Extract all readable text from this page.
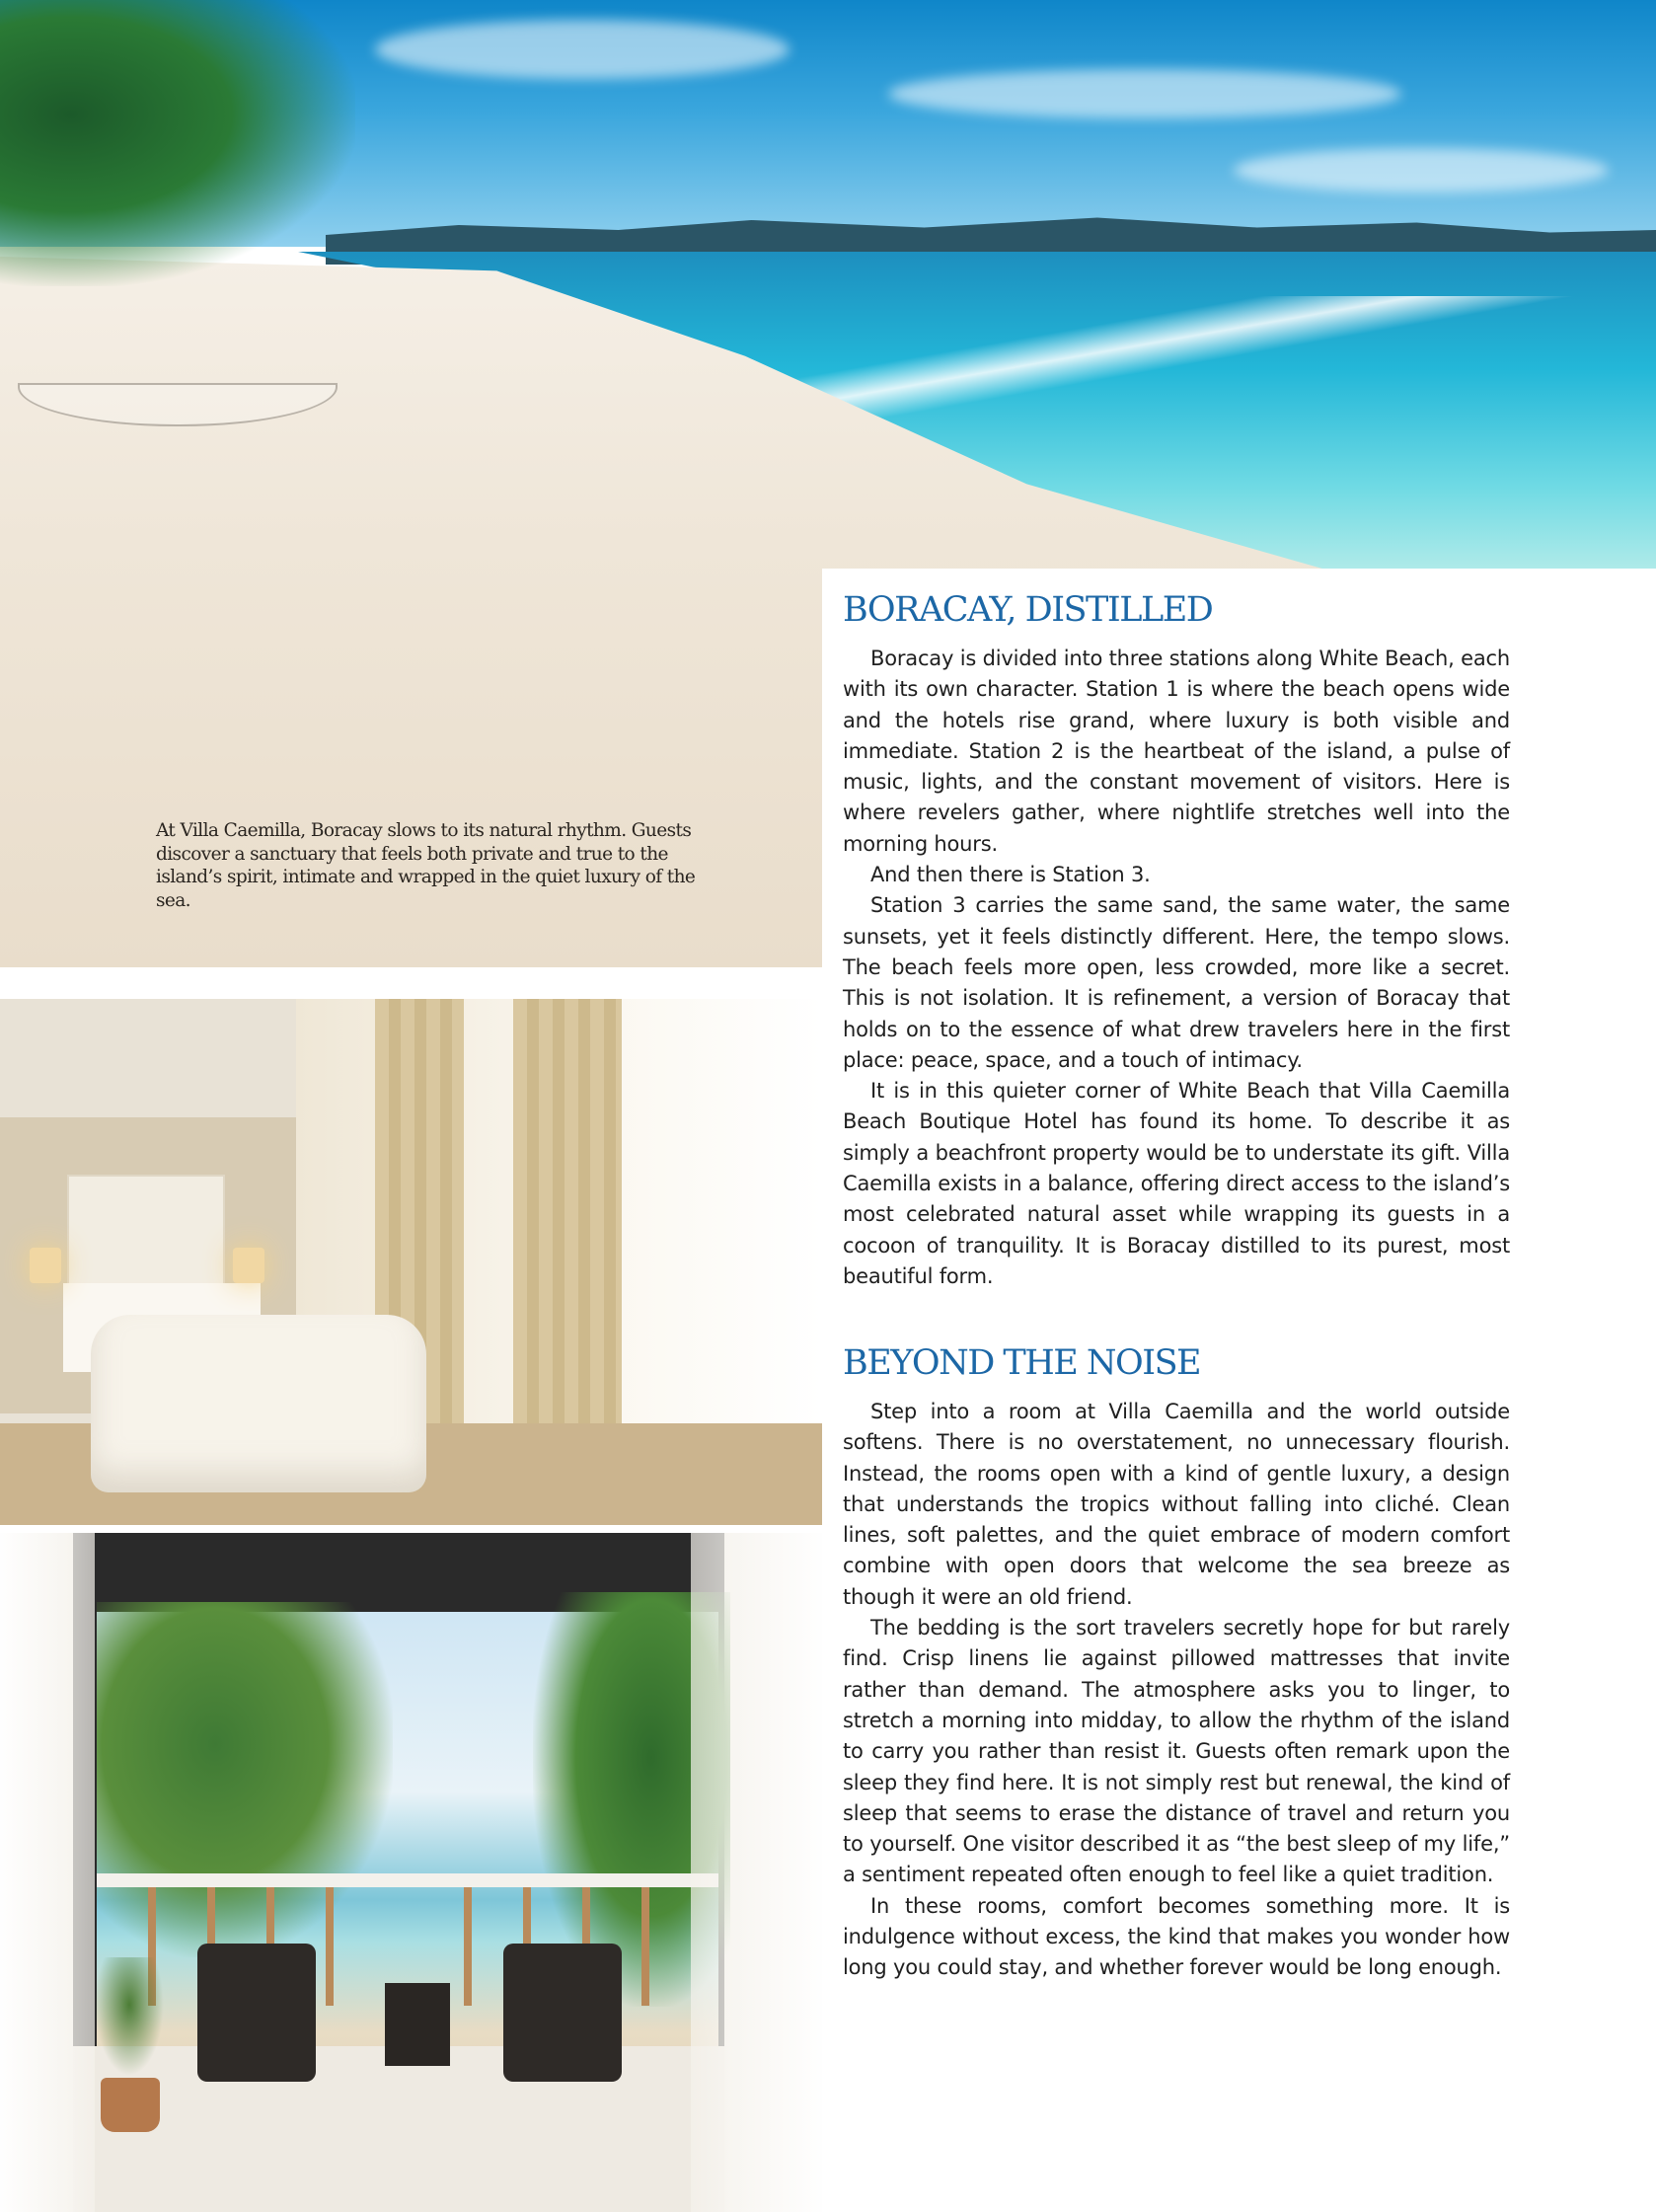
At Villa Caemilla, Boracay slows to its natural rhythm. Guests discover a sanctuary that feels both private and true to the island’s spirit, intimate and wrapped in the quiet luxury of the sea.

BORACAY, DISTILLED

Boracay is divided into three stations along White Beach, each with its own character. Station 1 is where the beach opens wide and the hotels rise grand, where luxury is both visible and immediate. Station 2 is the heartbeat of the island, a pulse of music, lights, and the constant movement of visitors. Here is where revelers gather, where nightlife stretches well into the morning hours.

And then there is Station 3.

Station 3 carries the same sand, the same water, the same sunsets, yet it feels distinctly different. Here, the tempo slows. The beach feels more open, less crowded, more like a secret. This is not isolation. It is refinement, a version of Boracay that holds on to the essence of what drew travelers here in the first place: peace, space, and a touch of intimacy.

It is in this quieter corner of White Beach that Villa Caemilla Beach Boutique Hotel has found its home. To describe it as simply a beachfront property would be to understate its gift. Villa Caemilla exists in a balance, offering direct access to the island’s most celebrated natural asset while wrapping its guests in a cocoon of tranquility. It is Boracay distilled to its purest, most beautiful form.

BEYOND THE NOISE

Step into a room at Villa Caemilla and the world outside softens. There is no overstatement, no unnecessary flourish. Instead, the rooms open with a kind of gentle luxury, a design that understands the tropics without falling into cliché. Clean lines, soft palettes, and the quiet embrace of modern comfort combine with open doors that welcome the sea breeze as though it were an old friend.

The bedding is the sort travelers secretly hope for but rarely find. Crisp linens lie against pillowed mattresses that invite rather than demand. The atmosphere asks you to linger, to stretch a morning into midday, to allow the rhythm of the island to carry you rather than resist it. Guests often remark upon the sleep they find here. It is not simply rest but renewal, the kind of sleep that seems to erase the distance of travel and return you to yourself. One visitor described it as “the best sleep of my life,” a sentiment repeated often enough to feel like a quiet tradition.

In these rooms, comfort becomes something more. It is indulgence without excess, the kind that makes you wonder how long you could stay, and whether forever would be long enough.
